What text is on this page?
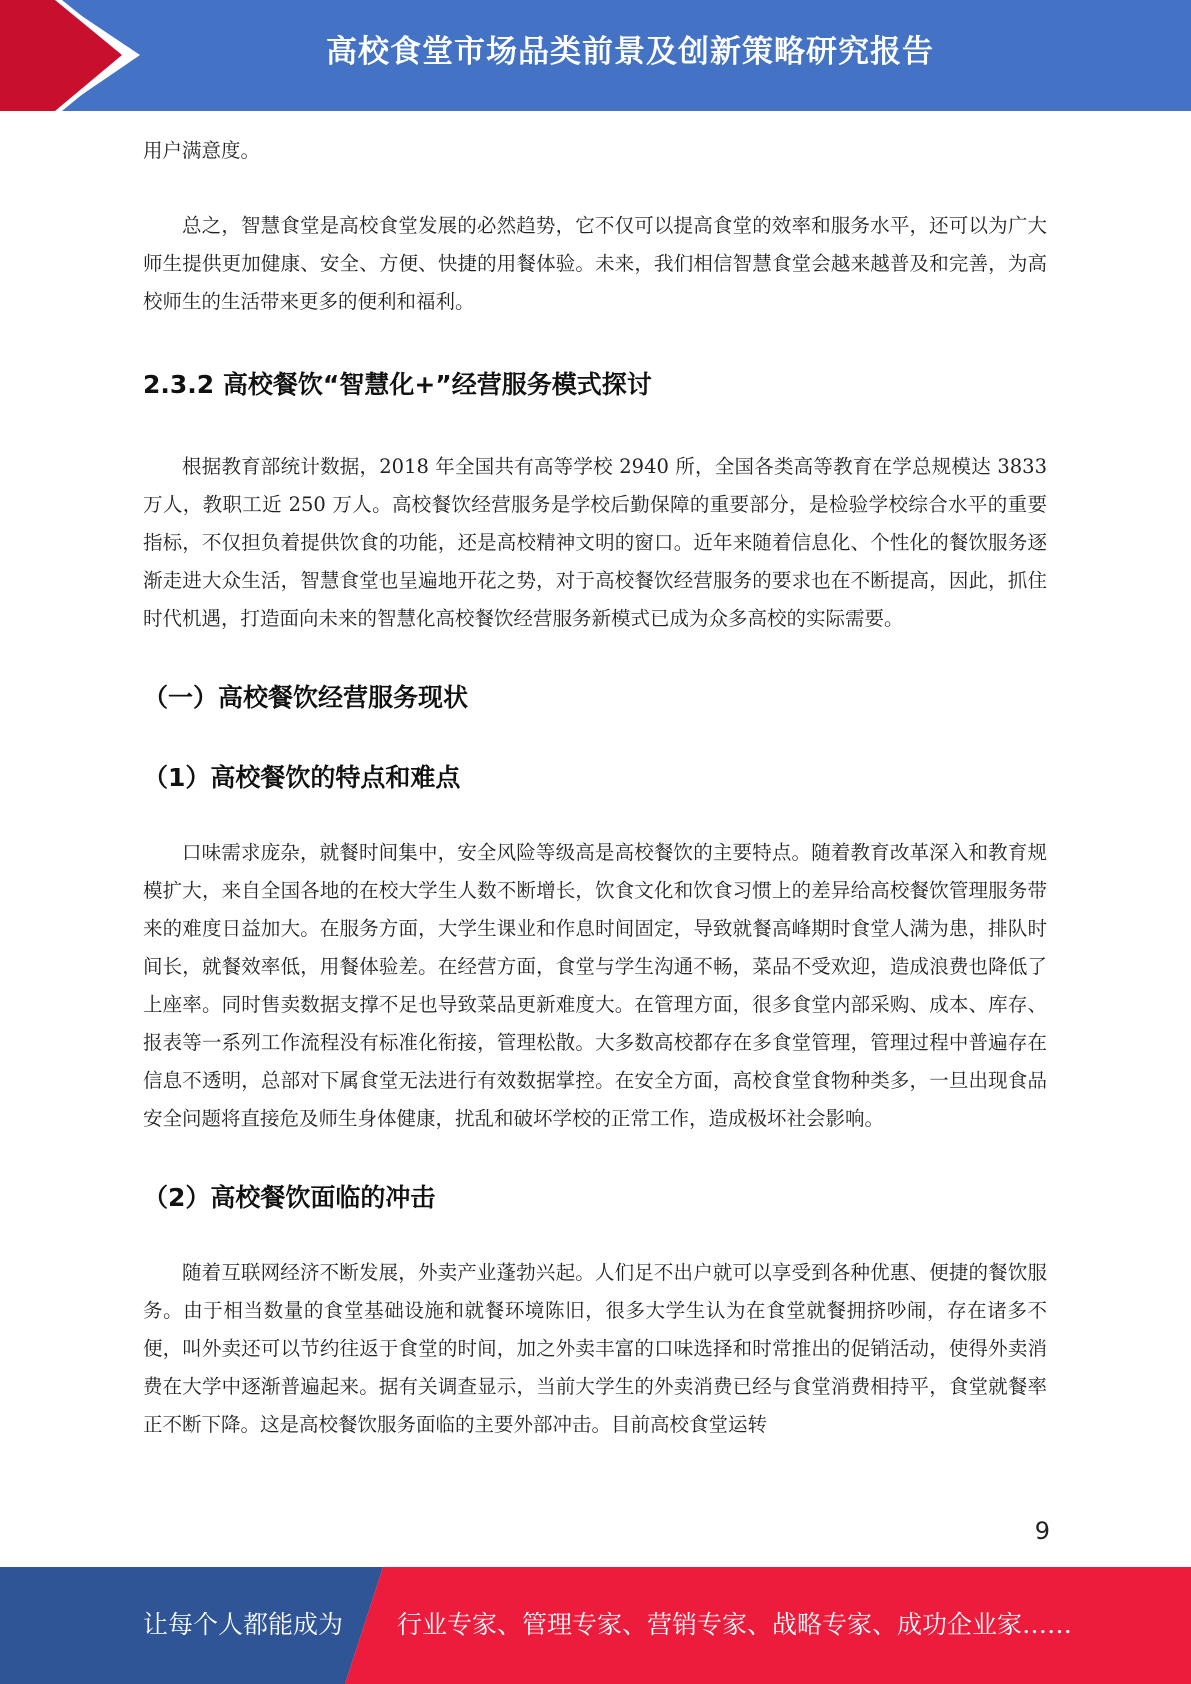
高校食堂市场品类前景及创新策略研究报告

用户满意度。

总之，智慧食堂是高校食堂发展的必然趋势，它不仅可以提高食堂的效率和服务水平，还可以为广大师生提供更加健康、安全、方便、快捷的用餐体验。未来，我们相信智慧食堂会越来越普及和完善，为高校师生的生活带来更多的便利和福利。

2.3.2 高校餐饮“智慧化+”经营服务模式探讨

根据教育部统计数据，2018 年全国共有高等学校 2940 所，全国各类高等教育在学总规模达 3833 万人，教职工近 250 万人。高校餐饮经营服务是学校后勤保障的重要部分，是检验学校综合水平的重要指标，不仅担负着提供饮食的功能，还是高校精神文明的窗口。近年来随着信息化、个性化的餐饮服务逐渐走进大众生活，智慧食堂也呈遍地开花之势，对于高校餐饮经营服务的要求也在不断提高，因此，抓住时代机遇，打造面向未来的智慧化高校餐饮经营服务新模式已成为众多高校的实际需要。

（一）高校餐饮经营服务现状

（1）高校餐饮的特点和难点

口味需求庞杂，就餐时间集中，安全风险等级高是高校餐饮的主要特点。随着教育改革深入和教育规模扩大，来自全国各地的在校大学生人数不断增长，饮食文化和饮食习惯上的差异给高校餐饮管理服务带来的难度日益加大。在服务方面，大学生课业和作息时间固定，导致就餐高峰期时食堂人满为患，排队时间长，就餐效率低，用餐体验差。在经营方面，食堂与学生沟通不畅，菜品不受欢迎，造成浪费也降低了上座率。同时售卖数据支撑不足也导致菜品更新难度大。在管理方面，很多食堂内部采购、成本、库存、报表等一系列工作流程没有标准化衔接，管理松散。大多数高校都存在多食堂管理，管理过程中普遍存在信息不透明，总部对下属食堂无法进行有效数据掌控。在安全方面，高校食堂食物种类多，一旦出现食品安全问题将直接危及师生身体健康，扰乱和破坏学校的正常工作，造成极坏社会影响。

（2）高校餐饮面临的冲击

随着互联网经济不断发展，外卖产业蓬勃兴起。人们足不出户就可以享受到各种优惠、便捷的餐饮服务。由于相当数量的食堂基础设施和就餐环境陈旧，很多大学生认为在食堂就餐拥挤吵闹，存在诸多不便，叫外卖还可以节约往返于食堂的时间，加之外卖丰富的口味选择和时常推出的促销活动，使得外卖消费在大学中逐渐普遍起来。据有关调查显示，当前大学生的外卖消费已经与食堂消费相持平，食堂就餐率正不断下降。这是高校餐饮服务面临的主要外部冲击。目前高校食堂运转

9
让每个人都能成为 行业专家、管理专家、营销专家、战略专家、成功企业家……
